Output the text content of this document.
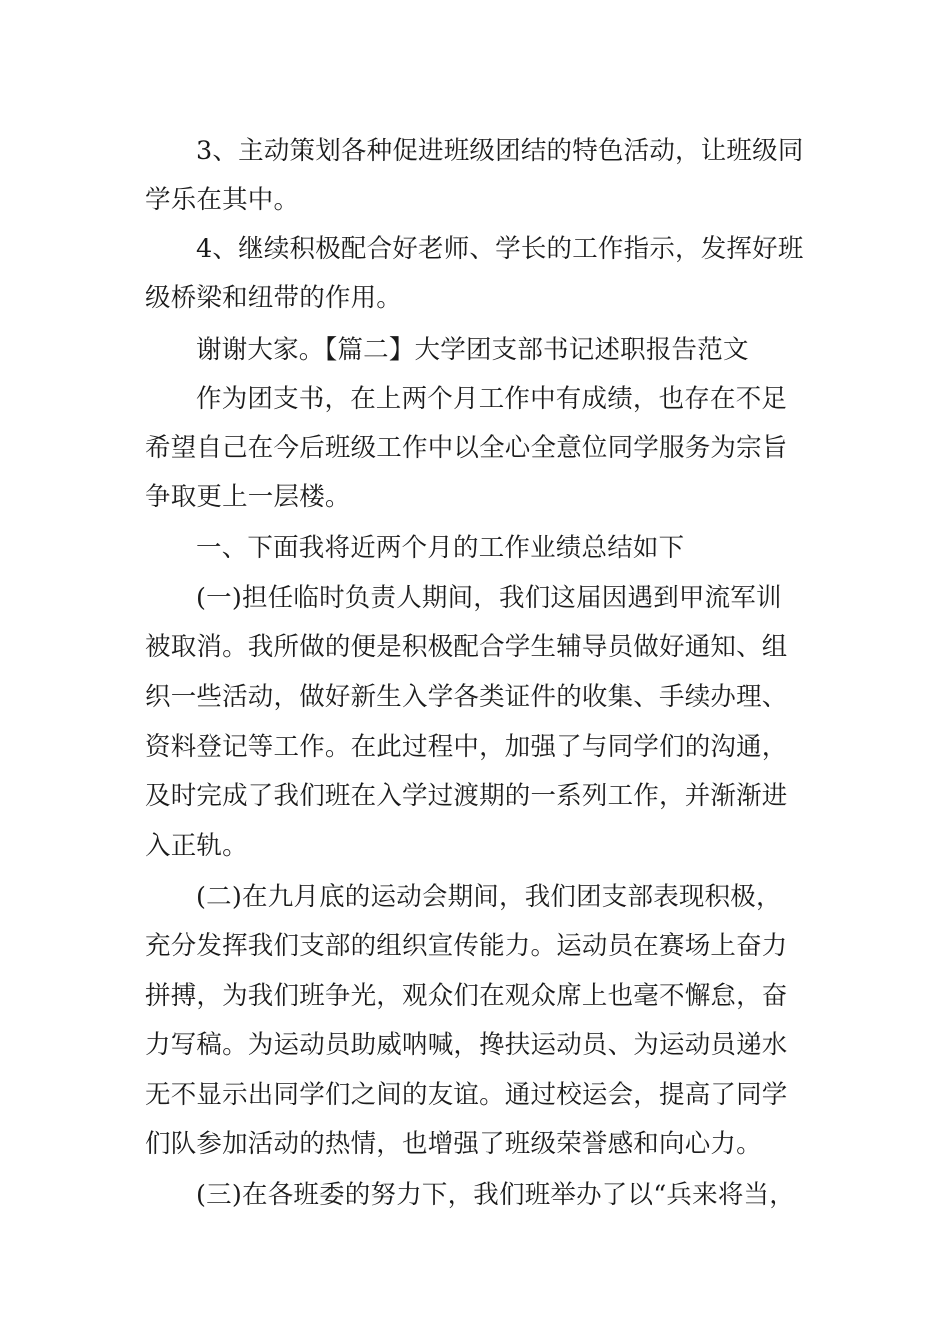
3、主动策划各种促进班级团结的特色活动，让班级同
学乐在其中。
4、继续积极配合好老师、学长的工作指示，发挥好班
级桥梁和纽带的作用。
谢谢大家。【篇二】大学团支部书记述职报告范文
作为团支书，在上两个月工作中有成绩，也存在不足
希望自己在今后班级工作中以全心全意位同学服务为宗旨
争取更上一层楼。
一、下面我将近两个月的工作业绩总结如下
(一)担任临时负责人期间，我们这届因遇到甲流军训
被取消。我所做的便是积极配合学生辅导员做好通知、组
织一些活动，做好新生入学各类证件的收集、手续办理、
资料登记等工作。在此过程中，加强了与同学们的沟通，
及时完成了我们班在入学过渡期的一系列工作，并渐渐进
入正轨。
(二)在九月底的运动会期间，我们团支部表现积极，
充分发挥我们支部的组织宣传能力。运动员在赛场上奋力
拼搏，为我们班争光，观众们在观众席上也毫不懈怠，奋
力写稿。为运动员助威呐喊，搀扶运动员、为运动员递水
无不显示出同学们之间的友谊。通过校运会，提高了同学
们队参加活动的热情，也增强了班级荣誉感和向心力。
(三)在各班委的努力下，我们班举办了以“兵来将当，
